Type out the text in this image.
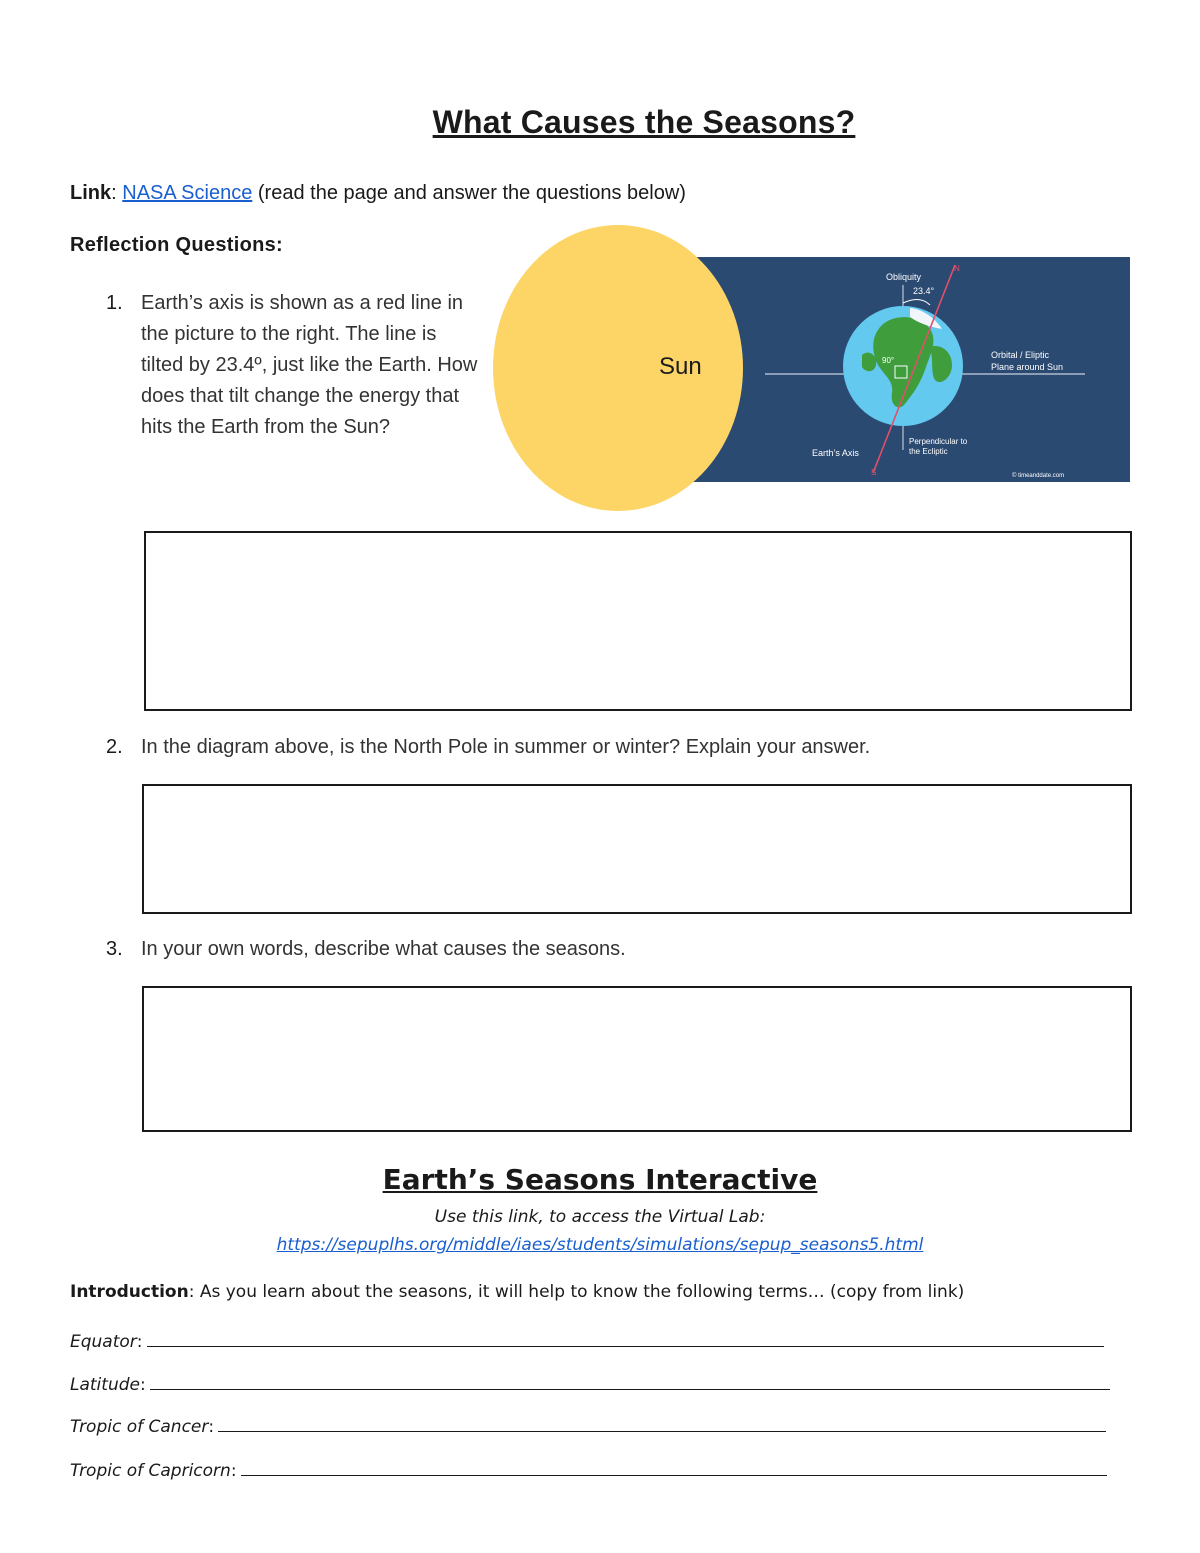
What Causes the Seasons?
Link: NASA Science (read the page and answer the questions below)
Reflection Questions:
1. Earth’s axis is shown as a red line in the picture to the right. The line is tilted by 23.4º, just like the Earth. How does that tilt change the energy that hits the Earth from the Sun?
Obliquity
23.4°
N
S
90°
Orbital / Eliptic
Plane around Sun
Perpendicular to
the Ecliptic
Earth’s Axis
© timeanddate.com
Sun
2. In the diagram above, is the North Pole in summer or winter? Explain your answer.
3. In your own words, describe what causes the seasons.
Earth’s Seasons Interactive
Use this link, to access the Virtual Lab:
https://sepuplhs.org/middle/iaes/students/simulations/sepup_seasons5.html
Introduction: As you learn about the seasons, it will help to know the following terms… (copy from link)
Equator :
Latitude :
Tropic of Cancer :
Tropic of Capricorn :
